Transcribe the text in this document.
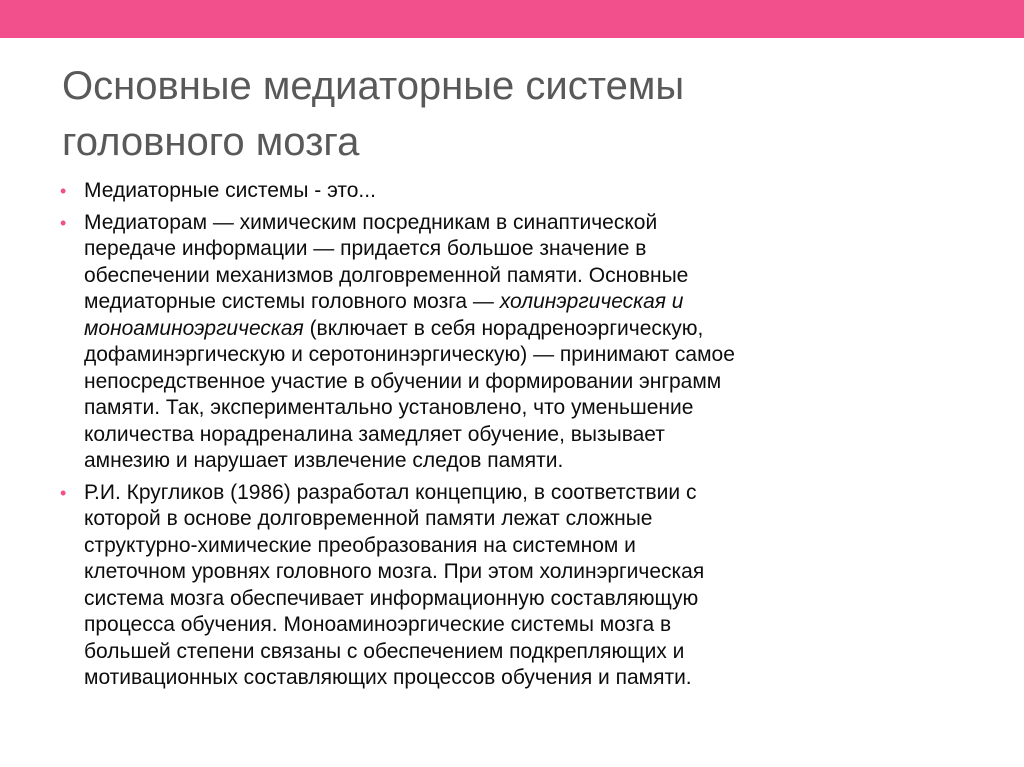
Основные медиаторные системы
головного мозга
• Медиаторные системы - это...
• Медиаторам — химическим посредникам в синаптической
передаче информации — придается большое значение в
обеспечении механизмов долговременной памяти. Основные
медиаторные системы головного мозга — холинэргическая и
моноаминоэргическая (включает в себя норадреноэргическую,
дофаминэргическую и серотонинэргическую) — принимают самое
непосредственное участие в обучении и формировании энграмм
памяти. Так, экспериментально установлено, что уменьшение
количества норадреналина замедляет обучение, вызывает
амнезию и нарушает извлечение следов памяти.
• Р.И. Кругликов (1986) разработал концепцию, в соответствии с
которой в основе долговременной памяти лежат сложные
структурно-химические преобразования на системном и
клеточном уровнях головного мозга. При этом холинэргическая
система мозга обеспечивает информационную составляющую
процесса обучения. Моноаминоэргические системы мозга в
большей степени связаны с обеспечением подкрепляющих и
мотивационных составляющих процессов обучения и памяти.
